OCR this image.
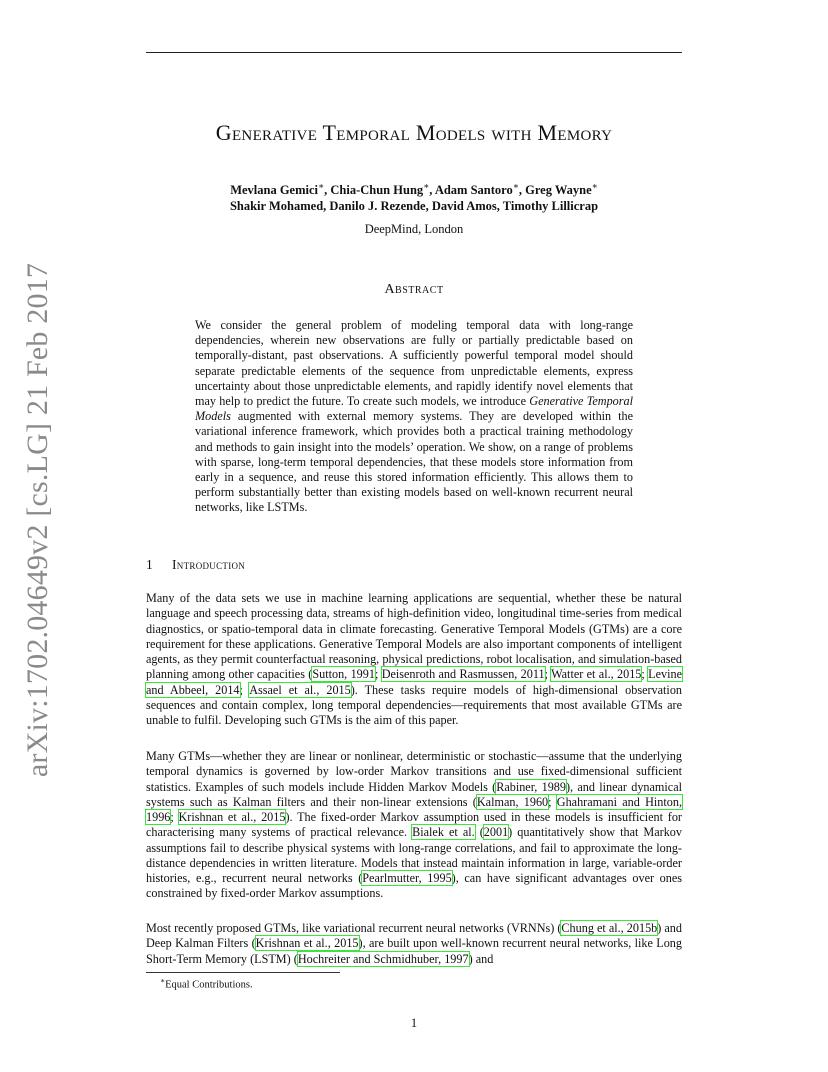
arXiv:1702.04649v2 [cs.LG] 21 Feb 2017
Generative Temporal Models with Memory
Mevlana Gemici∗, Chia-Chun Hung∗, Adam Santoro∗, Greg Wayne∗
Shakir Mohamed, Danilo J. Rezende, David Amos, Timothy Lillicrap
DeepMind, London
Abstract

We consider the general problem of modeling temporal data with long-range dependencies, wherein new observations are fully or partially predictable based on temporally-distant, past observations. A sufficiently powerful temporal model should separate predictable elements of the sequence from unpredictable elements, express uncertainty about those unpredictable elements, and rapidly identify novel elements that may help to predict the future. To create such models, we introduce Generative Temporal Models augmented with external memory systems. They are developed within the variational inference framework, which provides both a practical training methodology and methods to gain insight into the models’ operation. We show, on a range of problems with sparse, long-term temporal dependencies, that these models store information from early in a sequence, and reuse this stored information efficiently. This allows them to perform substantially better than existing models based on well-known recurrent neural networks, like LSTMs.

1 Introduction

Many of the data sets we use in machine learning applications are sequential, whether these be natural language and speech processing data, streams of high-definition video, longitudinal time-series from medical diagnostics, or spatio-temporal data in climate forecasting. Generative Temporal Models (GTMs) are a core requirement for these applications. Generative Temporal Models are also important components of intelligent agents, as they permit counterfactual reasoning, physical predictions, robot localisation, and simulation-based planning among other capacities (Sutton, 1991; Deisenroth and Rasmussen, 2011; Watter et al., 2015; Levine and Abbeel, 2014; Assael et al., 2015). These tasks require models of high-dimensional observation sequences and contain complex, long temporal dependencies—requirements that most available GTMs are unable to fulfil. Developing such GTMs is the aim of this paper.

Many GTMs—whether they are linear or nonlinear, deterministic or stochastic—assume that the underlying temporal dynamics is governed by low-order Markov transitions and use fixed-dimensional sufficient statistics. Examples of such models include Hidden Markov Models (Rabiner, 1989), and linear dynamical systems such as Kalman filters and their non-linear extensions (Kalman, 1960; Ghahramani and Hinton, 1996; Krishnan et al., 2015). The fixed-order Markov assumption used in these models is insufficient for characterising many systems of practical relevance. Bialek et al. (2001) quantitatively show that Markov assumptions fail to describe physical systems with long-range correlations, and fail to approximate the long-distance dependencies in written literature. Models that instead maintain information in large, variable-order histories, e.g., recurrent neural networks (Pearlmutter, 1995), can have significant advantages over ones constrained by fixed-order Markov assumptions.

Most recently proposed GTMs, like variational recurrent neural networks (VRNNs) (Chung et al., 2015b) and Deep Kalman Filters (Krishnan et al., 2015), are built upon well-known recurrent neural networks, like Long Short-Term Memory (LSTM) (Hochreiter and Schmidhuber, 1997) and

∗Equal Contributions.
1
